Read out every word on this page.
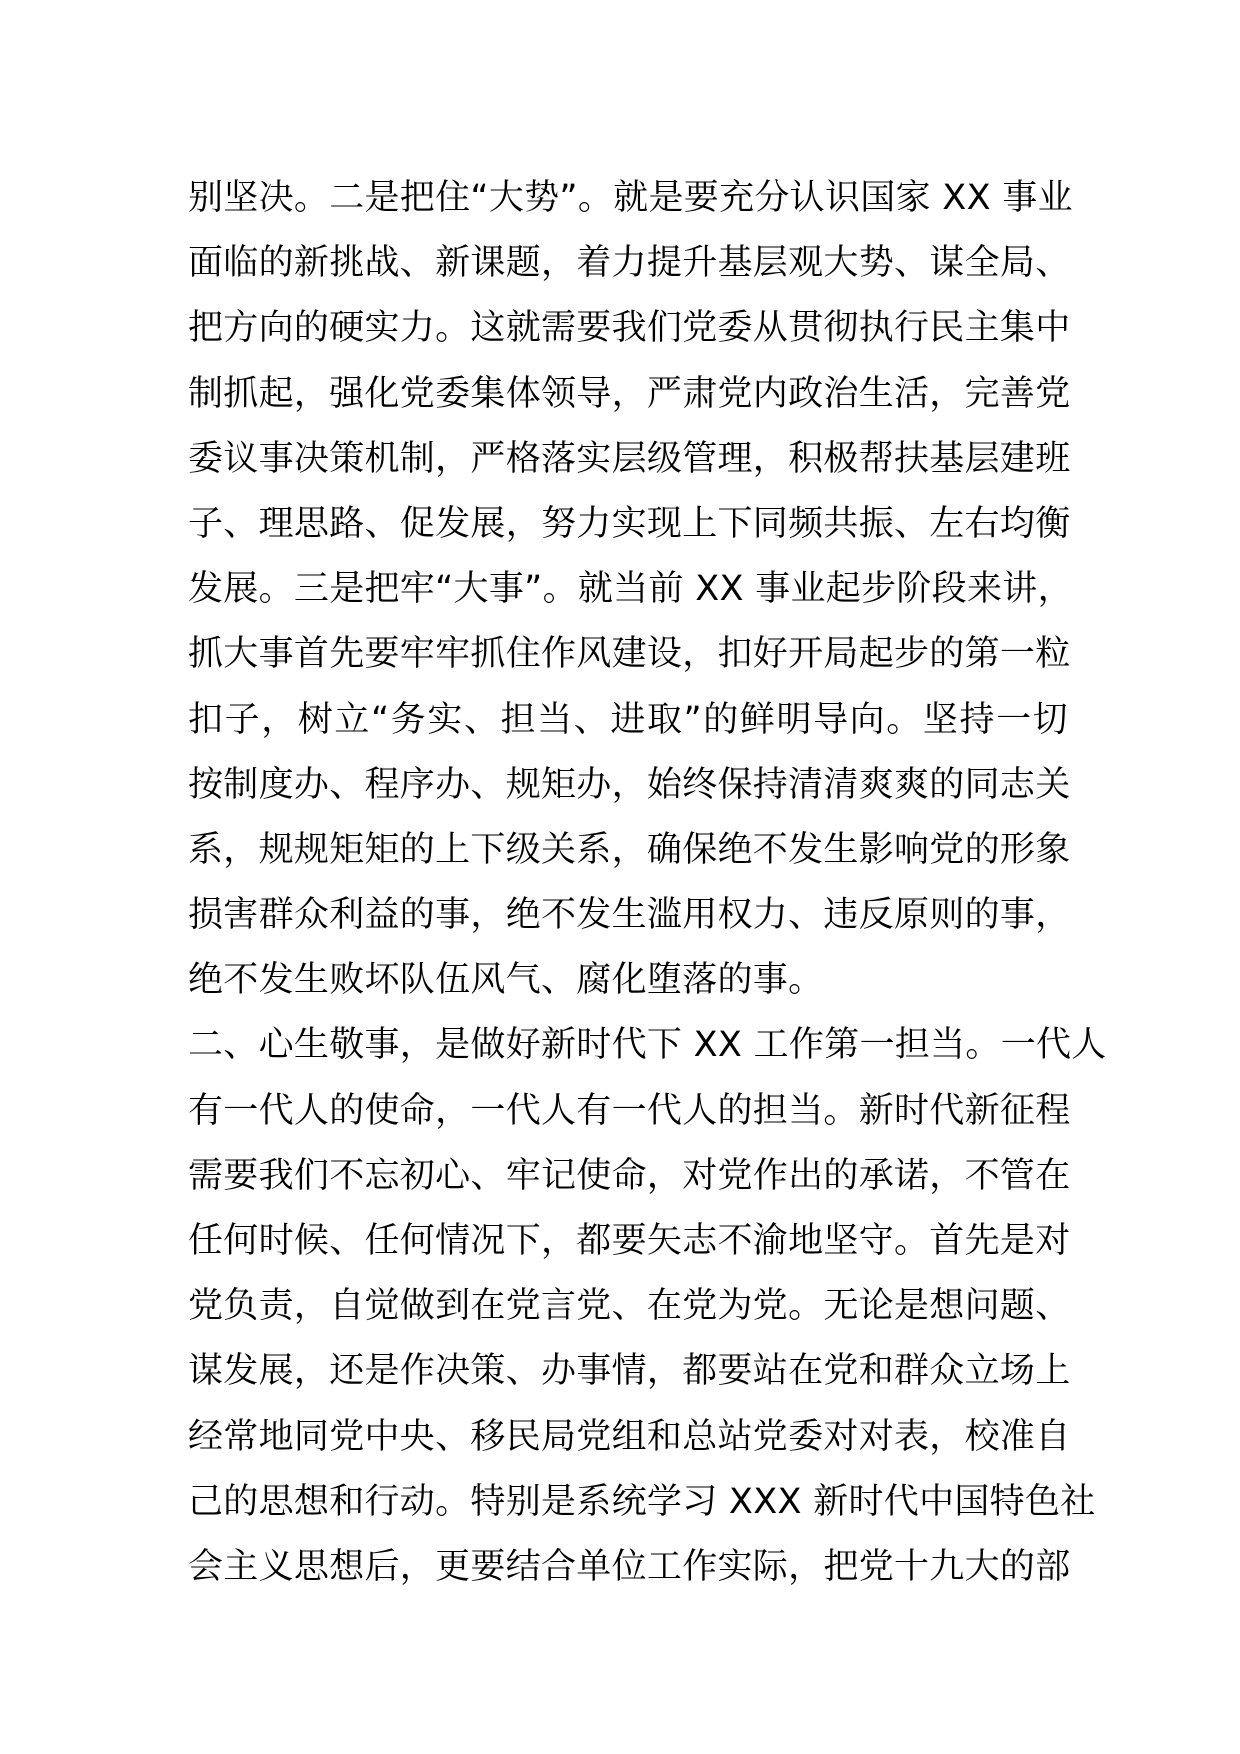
别坚决。二是把住“大势”。就是要充分认识国家 XX 事业
面临的新挑战、新课题，着力提升基层观大势、谋全局、
把方向的硬实力。这就需要我们党委从贯彻执行民主集中
制抓起，强化党委集体领导，严肃党内政治生活，完善党
委议事决策机制，严格落实层级管理，积极帮扶基层建班
子、理思路、促发展，努力实现上下同频共振、左右均衡
发展。三是把牢“大事”。就当前 XX 事业起步阶段来讲，
抓大事首先要牢牢抓住作风建设，扣好开局起步的第一粒
扣子，树立“务实、担当、进取”的鲜明导向。坚持一切
按制度办、程序办、规矩办，始终保持清清爽爽的同志关
系，规规矩矩的上下级关系，确保绝不发生影响党的形象
损害群众利益的事，绝不发生滥用权力、违反原则的事，
绝不发生败坏队伍风气、腐化堕落的事。
二、心生敬事，是做好新时代下 XX 工作第一担当。一代人
有一代人的使命，一代人有一代人的担当。新时代新征程
需要我们不忘初心、牢记使命，对党作出的承诺，不管在
任何时候、任何情况下，都要矢志不渝地坚守。首先是对
党负责，自觉做到在党言党、在党为党。无论是想问题、
谋发展，还是作决策、办事情，都要站在党和群众立场上
经常地同党中央、移民局党组和总站党委对对表，校准自
己的思想和行动。特别是系统学习 XXX 新时代中国特色社
会主义思想后，更要结合单位工作实际，把党十九大的部
